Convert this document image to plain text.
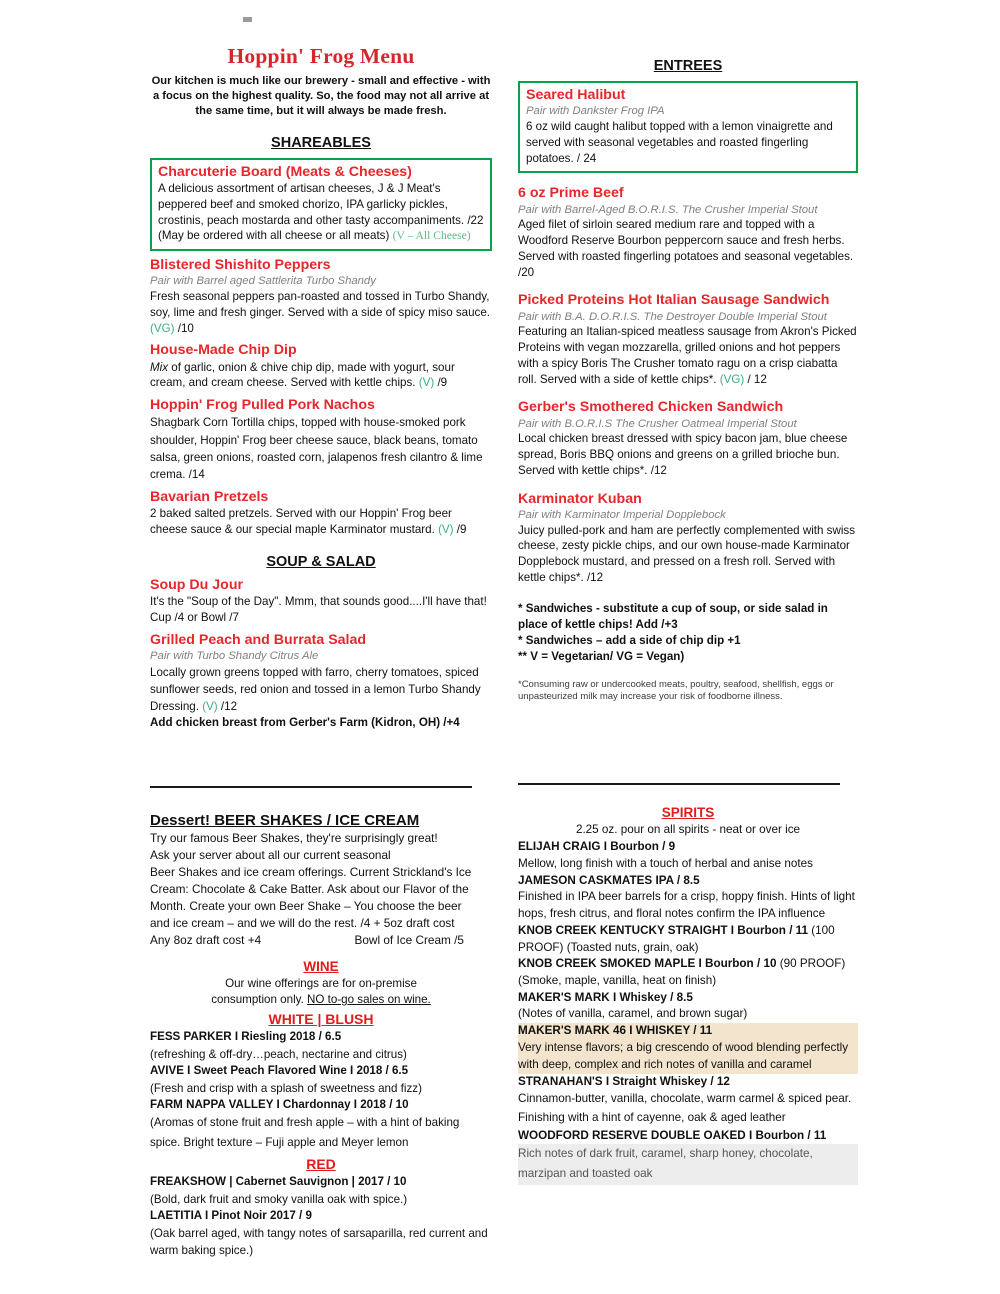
Hoppin' Frog Menu

Our kitchen is much like our brewery - small and effective - with a focus on the highest quality. So, the food may not all arrive at the same time, but it will always be made fresh.

SHAREABLES
Charcuterie Board (Meats & Cheeses)

A delicious assortment of artisan cheeses, J & J Meat's peppered beef and smoked chorizo, IPA garlicky pickles, crostinis, peach mostarda and other tasty accompaniments. /22 (May be ordered with all cheese or all meats) (V – All Cheese)

Blistered Shishito Peppers

Pair with Barrel aged Sattlerita Turbo Shandy

Fresh seasonal peppers pan-roasted and tossed in Turbo Shandy, soy, lime and fresh ginger. Served with a side of spicy miso sauce. (VG) /10

House-Made Chip Dip

Mix of garlic, onion & chive chip dip, made with yogurt, sour cream, and cream cheese. Served with kettle chips. (V) /9

Hoppin' Frog Pulled Pork Nachos

Shagbark Corn Tortilla chips, topped with house-smoked pork shoulder, Hoppin' Frog beer cheese sauce, black beans, tomato salsa, green onions, roasted corn, jalapenos fresh cilantro & lime crema. /14

Bavarian Pretzels

2 baked salted pretzels. Served with our Hoppin' Frog beer cheese sauce & our special maple Karminator mustard. (V) /9

SOUP & SALAD
Soup Du Jour

It's the "Soup of the Day". Mmm, that sounds good....I'll have that! Cup /4 or Bowl /7

Grilled Peach and Burrata Salad

Pair with Turbo Shandy Citrus Ale

Locally grown greens topped with farro, cherry tomatoes, spiced sunflower seeds, red onion and tossed in a lemon Turbo Shandy Dressing. (V) /12

Add chicken breast from Gerber's Farm (Kidron, OH) /+4

ENTREES
Seared Halibut

Pair with Dankster Frog IPA

6 oz wild caught halibut topped with a lemon vinaigrette and served with seasonal vegetables and roasted fingerling potatoes. / 24

6 oz Prime Beef

Pair with Barrel-Aged B.O.R.I.S. The Crusher Imperial Stout

Aged filet of sirloin seared medium rare and topped with a Woodford Reserve Bourbon peppercorn sauce and fresh herbs. Served with roasted fingerling potatoes and seasonal vegetables. /20

Picked Proteins Hot Italian Sausage Sandwich

Pair with B.A. D.O.R.I.S. The Destroyer Double Imperial Stout

Featuring an Italian-spiced meatless sausage from Akron's Picked Proteins with vegan mozzarella, grilled onions and hot peppers with a spicy Boris The Crusher tomato ragu on a crisp ciabatta roll. Served with a side of kettle chips*. (VG) / 12

Gerber's Smothered Chicken Sandwich

Pair with B.O.R.I.S The Crusher Oatmeal Imperial Stout

Local chicken breast dressed with spicy bacon jam, blue cheese spread, Boris BBQ onions and greens on a grilled brioche bun. Served with kettle chips*. /12

Karminator Kuban

Pair with Karminator Imperial Dopplebock

Juicy pulled-pork and ham are perfectly complemented with swiss cheese, zesty pickle chips, and our own house-made Karminator Dopplebock mustard, and pressed on a fresh roll. Served with kettle chips*. /12

* Sandwiches - substitute a cup of soup, or side salad in place of kettle chips! Add /+3

* Sandwiches – add a side of chip dip +1

** V = Vegetarian/ VG = Vegan)

*Consuming raw or undercooked meats, poultry, seafood, shellfish, eggs or unpasteurized milk may increase your risk of foodborne illness.

Dessert! BEER SHAKES / ICE CREAM

Try our famous Beer Shakes, they're surprisingly great!

Ask your server about all our current seasonal

Beer Shakes and ice cream offerings. Current Strickland's Ice

Cream: Chocolate & Cake Batter. Ask about our Flavor of the

Month. Create your own Beer Shake – You choose the beer

and ice cream – and we will do the rest. /4 + 5oz draft cost

Any 8oz draft cost +4	Bowl of Ice Cream /5
WINE

Our wine offerings are for on-premise

consumption only. NO to-go sales on wine.

WHITE | BLUSH

FESS PARKER I Riesling 2018 / 6.5

(refreshing & off-dry…peach, nectarine and citrus)

AVIVE I Sweet Peach Flavored Wine I 2018 / 6.5

(Fresh and crisp with a splash of sweetness and fizz)

FARM NAPPA VALLEY I Chardonnay I 2018 / 10

(Aromas of stone fruit and fresh apple – with a hint of baking spice. Bright texture – Fuji apple and Meyer lemon

RED

FREAKSHOW | Cabernet Sauvignon | 2017 / 10

(Bold, dark fruit and smoky vanilla oak with spice.)

LAETITIA I Pinot Noir 2017 / 9

(Oak barrel aged, with tangy notes of sarsaparilla, red current and warm baking spice.)

SPIRITS

2.25 oz. pour on all spirits - neat or over ice

ELIJAH CRAIG I Bourbon / 9

Mellow, long finish with a touch of herbal and anise notes

JAMESON CASKMATES IPA / 8.5

Finished in IPA beer barrels for a crisp, hoppy finish. Hints of light hops, fresh citrus, and floral notes confirm the IPA influence

KNOB CREEK KENTUCKY STRAIGHT I Bourbon / 11 (100 PROOF) (Toasted nuts, grain, oak)

KNOB CREEK SMOKED MAPLE I Bourbon / 10 (90 PROOF)(Smoke, maple, vanilla, heat on finish)

MAKER'S MARK I Whiskey / 8.5

(Notes of vanilla, caramel, and brown sugar)

MAKER'S MARK 46 I WHISKEY / 11

Very intense flavors; a big crescendo of wood blending perfectly with deep, complex and rich notes of vanilla and caramel

STRANAHAN'S I Straight Whiskey / 12

Cinnamon-butter, vanilla, chocolate, warm carmel & spiced pear. Finishing with a hint of cayenne, oak & aged leather

WOODFORD RESERVE DOUBLE OAKED I Bourbon / 11

Rich notes of dark fruit, caramel, sharp honey, chocolate, marzipan and toasted oak
